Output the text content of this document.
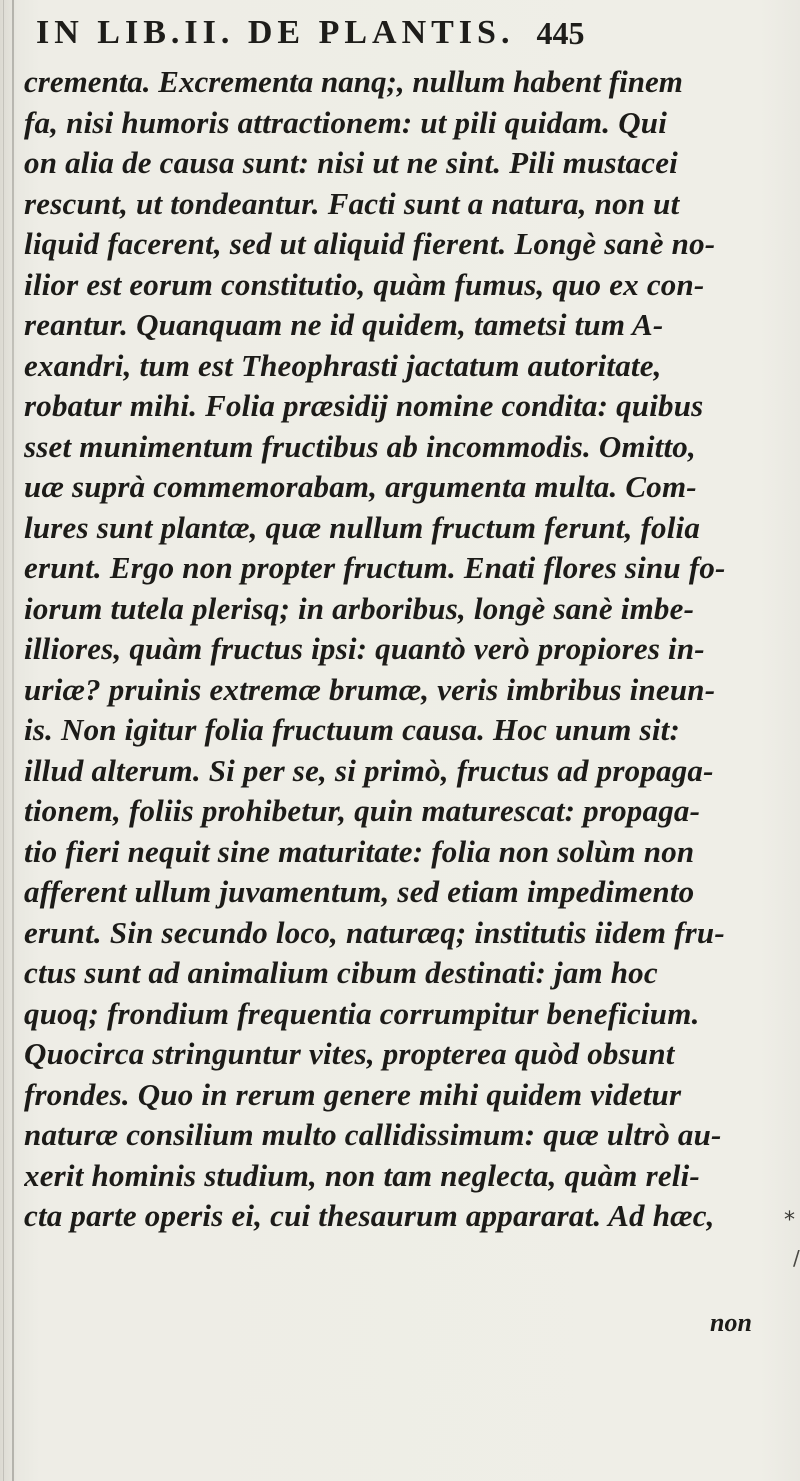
IN LIB.II. DE PLANTIS. 445
crementa. Excrementa nanq;, nullum habent finem
fa, nisi humoris attractionem: ut pili quidam. Qui
on alia de causa sunt: nisi ut ne sint. Pili mustacei
rescunt, ut tondeantur. Facti sunt a natura, non ut
liquid facerent, sed ut aliquid fierent. Longè sanè no-
ilior est eorum constitutio, quàm fumus, quo ex con-
reantur. Quanquam ne id quidem, tametsi tum A-
exandri, tum est Theophrasti jactatum autoritate,
robatur mihi. Folia præsidij nomine condita: quibus
sset munimentum fructibus ab incommodis. Omitto,
uæ suprà commemorabam, argumenta multa. Com-
lures sunt plantæ, quæ nullum fructum ferunt, folia
erunt. Ergo non propter fructum. Enati flores sinu fo-
iorum tutela plerisq; in arboribus, longè sanè imbe-
illiores, quàm fructus ipsi: quantò verò propiores in-
uriæ? pruinis extremæ brumæ, veris imbribus ineun-
is. Non igitur folia fructuum causa. Hoc unum sit:
illud alterum. Si per se, si primò, fructus ad propaga-
tionem, foliis prohibetur, quin maturescat: propaga-
tio fieri nequit sine maturitate: folia non solùm non
afferent ullum juvamentum, sed etiam impedimento
erunt. Sin secundo loco, naturæq; institutis iidem fru-
ctus sunt ad animalium cibum destinati: jam hoc
quoq; frondium frequentia corrumpitur beneficium.
Quocirca stringuntur vites, propterea quòd obsunt
frondes. Quo in rerum genere mihi quidem videtur
naturæ consilium multo callidissimum: quæ ultrò au-
xerit hominis studium, non tam neglecta, quàm reli-
cta parte operis ei, cui thesaurum appararat. Ad hæc,	*
/
non
